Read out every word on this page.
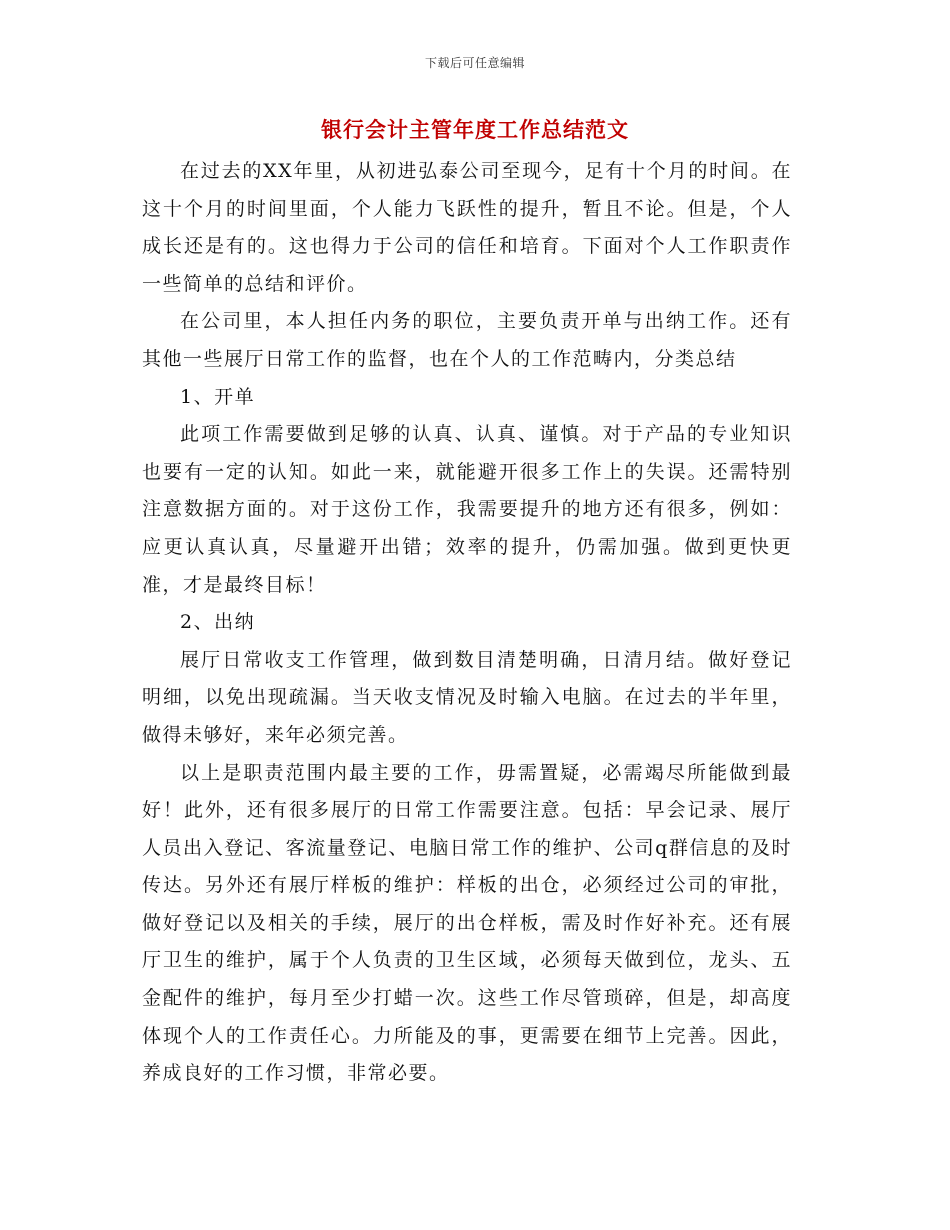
下载后可任意编辑
银行会计主管年度工作总结范文

在过去的XX年里，从初进弘泰公司至现今，足有十个月的时间。在这十个月的时间里面，个人能力飞跃性的提升，暂且不论。但是，个人成长还是有的。这也得力于公司的信任和培育。下面对个人工作职责作一些简单的总结和评价。

在公司里，本人担任内务的职位，主要负责开单与出纳工作。还有其他一些展厅日常工作的监督，也在个人的工作范畴内，分类总结

1、开单

此项工作需要做到足够的认真、认真、谨慎。对于产品的专业知识也要有一定的认知。如此一来，就能避开很多工作上的失误。还需特别注意数据方面的。对于这份工作，我需要提升的地方还有很多，例如：应更认真认真，尽量避开出错；效率的提升，仍需加强。做到更快更准，才是最终目标！

2、出纳

展厅日常收支工作管理，做到数目清楚明确，日清月结。做好登记明细，以免出现疏漏。当天收支情况及时输入电脑。在过去的半年里，做得未够好，来年必须完善。

以上是职责范围内最主要的工作，毋需置疑，必需竭尽所能做到最好！此外，还有很多展厅的日常工作需要注意。包括：早会记录、展厅人员出入登记、客流量登记、电脑日常工作的维护、公司q群信息的及时传达。另外还有展厅样板的维护：样板的出仓，必须经过公司的审批，做好登记以及相关的手续，展厅的出仓样板，需及时作好补充。还有展厅卫生的维护，属于个人负责的卫生区域，必须每天做到位，龙头、五金配件的维护，每月至少打蜡一次。这些工作尽管琐碎，但是，却高度体现个人的工作责任心。力所能及的事，更需要在细节上完善。因此，养成良好的工作习惯，非常必要。
